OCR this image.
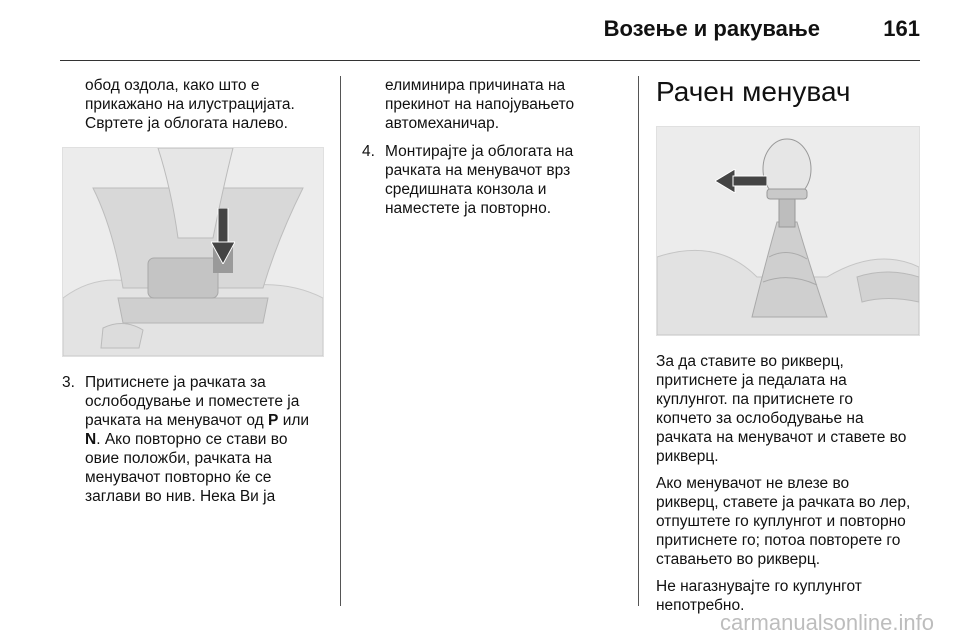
Возење и ракување	161
обод оздола, како што е
прикажано на илустрацијата.
Свртете ја облогата налево.
3. Притиснете ја рачката за
ослободување и поместете ја
рачката на менувачот од P или
N. Ако повторно се стави во
овие положби, рачката на
менувачот повторно ќе се
заглави во нив. Нека Ви ја
елиминира причината на
прекинот на напојувањето
автомеханичар.
4. Монтирајте ја облогата на
рачката на менувачот врз
средишната конзола и
наместете ја повторно.
Рачен менувач

За да ставите во рикверц,
притиснете ја педалата на
куплунгот. па притиснете го
копчето за ослободување на
рачката на менувачот и ставете во
рикверц.

Ако менувачот не влезе во
рикверц, ставете ја рачката во лер,
отпуштете го куплунгот и повторно
притиснете го; потоа повторете го
ставањето во рикверц.

Не нагазнувајте го куплунгот
непотребно.

carmanualsonline.info
